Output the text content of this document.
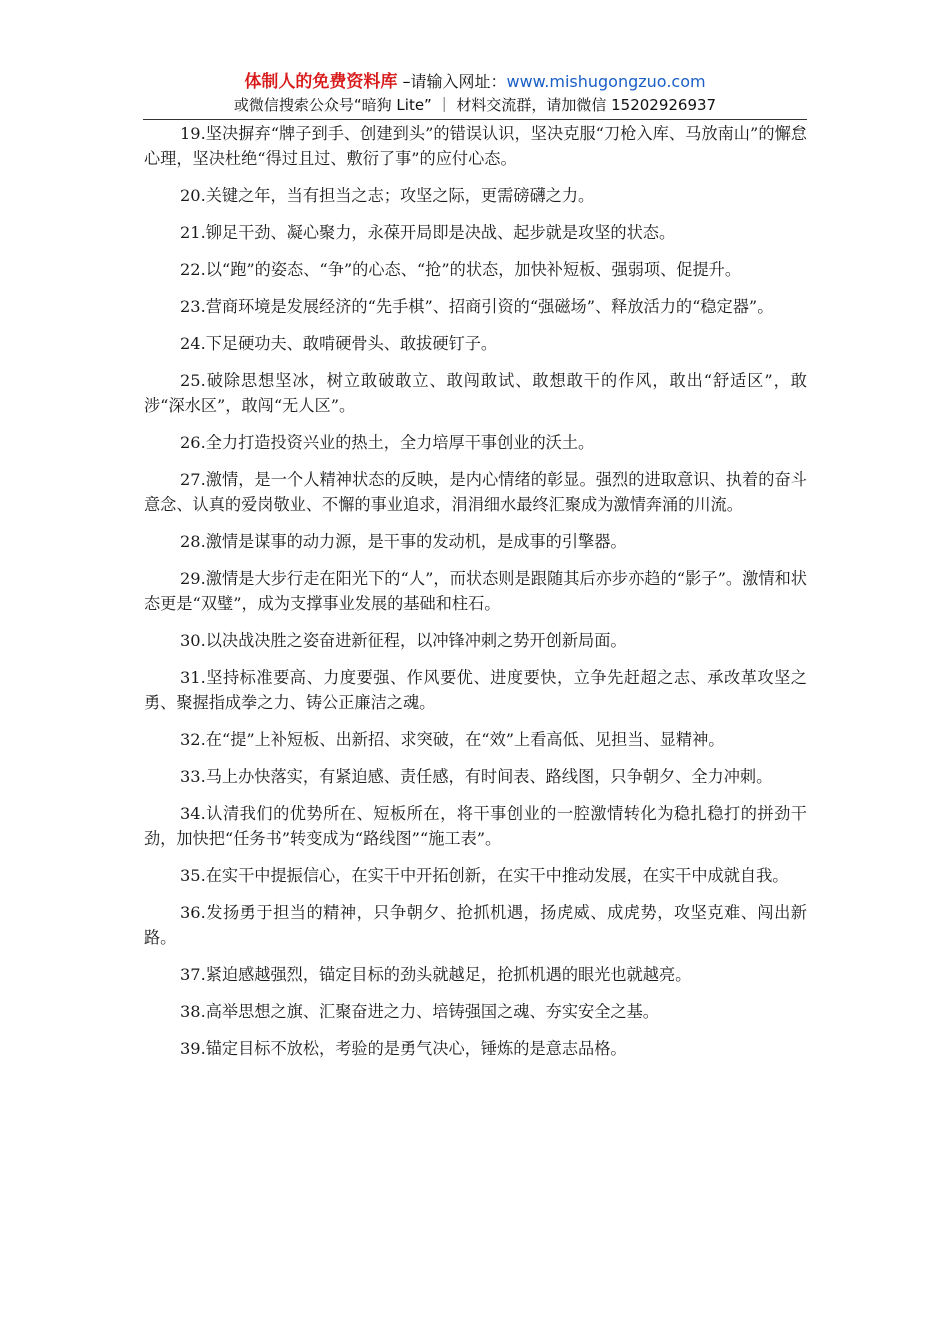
体制人的免费资料库 –请输入网址：www.mishugongzuo.com
或微信搜索公众号“暗狗 Lite” ｜ 材料交流群，请加微信 15202926937

19.坚决摒弃“牌子到手、创建到头”的错误认识，坚决克服“刀枪入库、马放南山”的懈怠心理，坚决杜绝“得过且过、敷衍了事”的应付心态。

20.关键之年，当有担当之志；攻坚之际，更需磅礴之力。

21.铆足干劲、凝心聚力，永葆开局即是决战、起步就是攻坚的状态。

22.以“跑”的姿态、“争”的心态、“抢”的状态，加快补短板、强弱项、促提升。

23.营商环境是发展经济的“先手棋”、招商引资的“强磁场”、释放活力的“稳定器”。

24.下足硬功夫、敢啃硬骨头、敢拔硬钉子。

25.破除思想坚冰，树立敢破敢立、敢闯敢试、敢想敢干的作风，敢出“舒适区”，敢涉“深水区”，敢闯“无人区”。

26.全力打造投资兴业的热土，全力培厚干事创业的沃土。

27.激情，是一个人精神状态的反映，是内心情绪的彰显。强烈的进取意识、执着的奋斗意念、认真的爱岗敬业、不懈的事业追求，涓涓细水最终汇聚成为激情奔涌的川流。

28.激情是谋事的动力源，是干事的发动机，是成事的引擎器。

29.激情是大步行走在阳光下的“人”，而状态则是跟随其后亦步亦趋的“影子”。激情和状态更是“双璧”，成为支撑事业发展的基础和柱石。

30.以决战决胜之姿奋进新征程，以冲锋冲刺之势开创新局面。

31.坚持标准要高、力度要强、作风要优、进度要快，立争先赶超之志、承改革攻坚之勇、聚握指成拳之力、铸公正廉洁之魂。

32.在“提”上补短板、出新招、求突破，在“效”上看高低、见担当、显精神。

33.马上办快落实，有紧迫感、责任感，有时间表、路线图，只争朝夕、全力冲刺。

34.认清我们的优势所在、短板所在，将干事创业的一腔激情转化为稳扎稳打的拼劲干劲，加快把“任务书”转变成为“路线图”“施工表”。

35.在实干中提振信心，在实干中开拓创新，在实干中推动发展，在实干中成就自我。

36.发扬勇于担当的精神，只争朝夕、抢抓机遇，扬虎威、成虎势，攻坚克难、闯出新路。

37.紧迫感越强烈，锚定目标的劲头就越足，抢抓机遇的眼光也就越亮。

38.高举思想之旗、汇聚奋进之力、培铸强国之魂、夯实安全之基。

39.锚定目标不放松，考验的是勇气决心，锤炼的是意志品格。
